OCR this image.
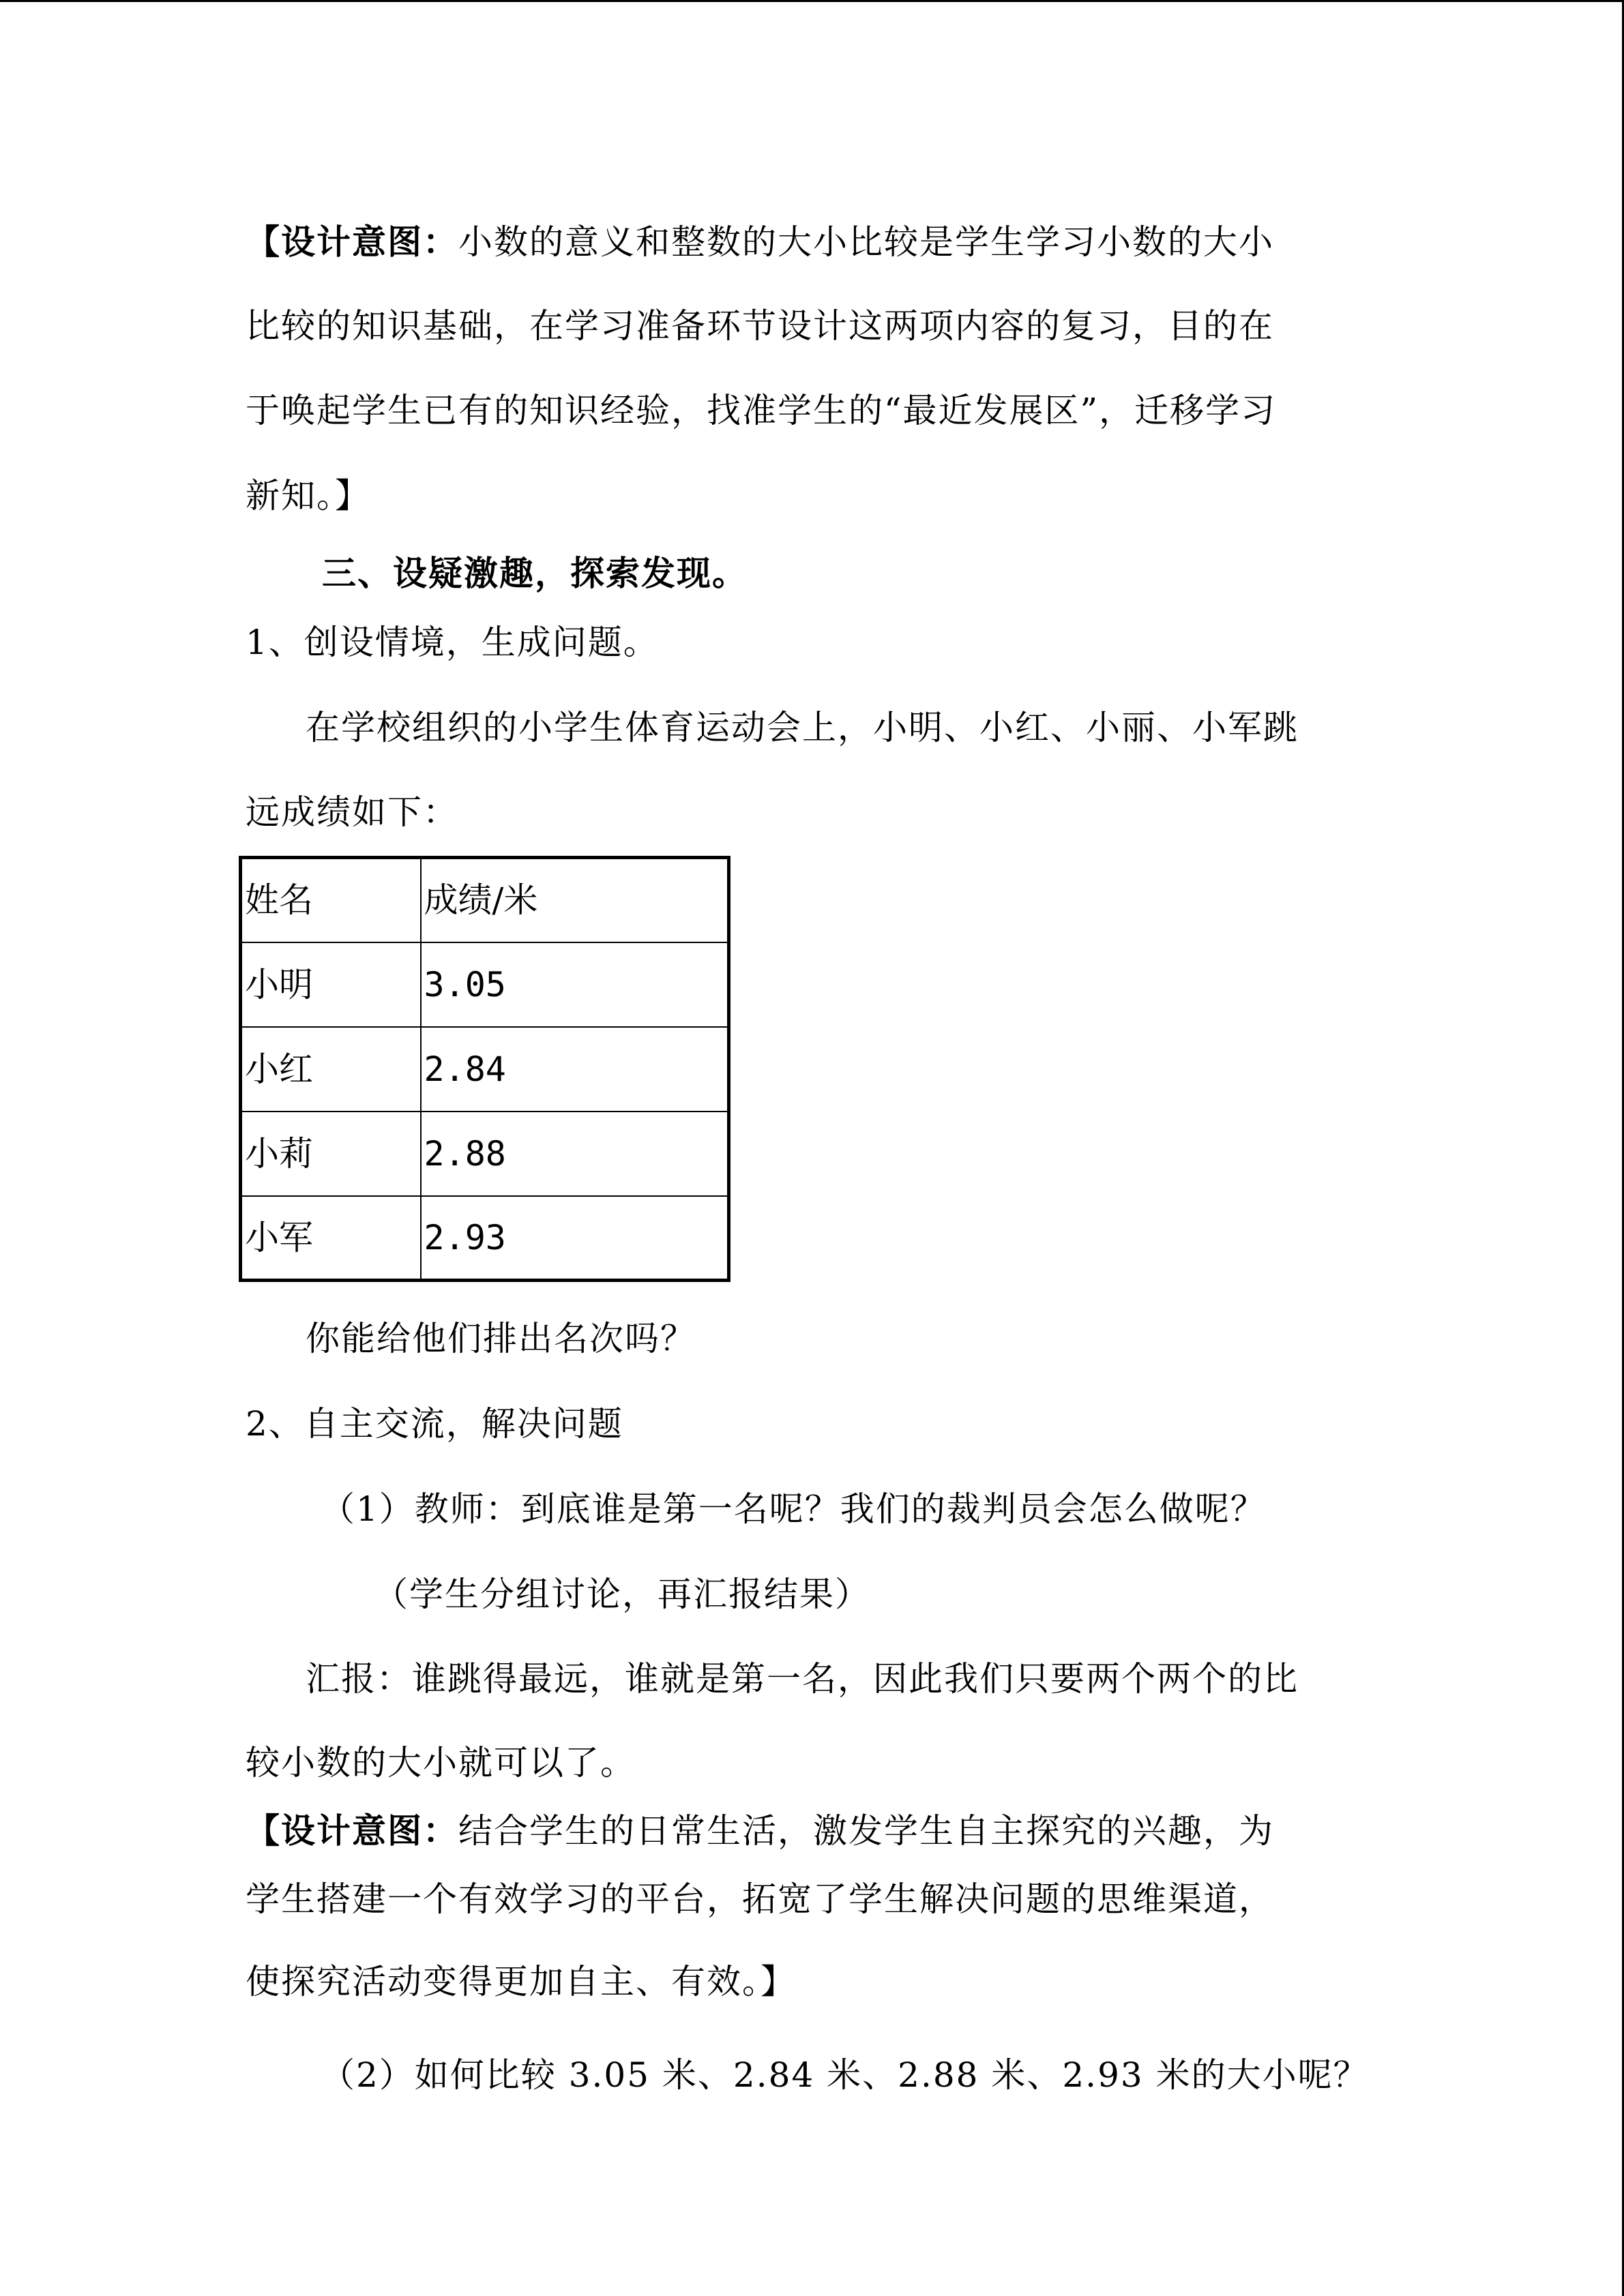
【设计意图：小数的意义和整数的大小比较是学生学习小数的大小
比较的知识基础，在学习准备环节设计这两项内容的复习，目的在
于唤起学生已有的知识经验，找准学生的“最近发展区”，迁移学习
新知。】
三、设疑激趣，探索发现。
1、创设情境，生成问题。
在学校组织的小学生体育运动会上，小明、小红、小丽、小军跳
远成绩如下：
姓名	成绩/米
小明	3.05
小红	2.84
小莉	2.88
小军	2.93
你能给他们排出名次吗？
2、自主交流，解决问题
（1）教师：到底谁是第一名呢？我们的裁判员会怎么做呢？
（学生分组讨论，再汇报结果）
汇报：谁跳得最远，谁就是第一名，因此我们只要两个两个的比
较小数的大小就可以了。
【设计意图：结合学生的日常生活，激发学生自主探究的兴趣，为
学生搭建一个有效学习的平台，拓宽了学生解决问题的思维渠道，
使探究活动变得更加自主、有效。】
（2）如何比较 3.05 米、2.84 米、2.88 米、2.93 米的大小呢？
